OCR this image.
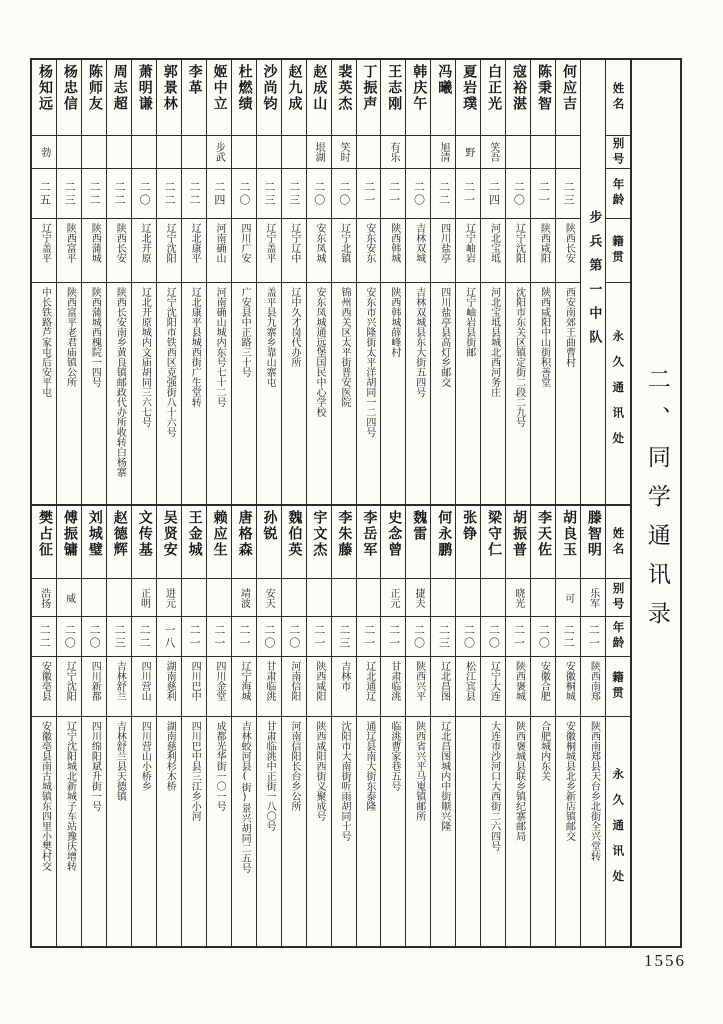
姓名
别号
年龄
籍贯
永久通讯处
步兵第一中队
何应吉
二三
陕西长安
西安南郊王曲曹村
陈秉智
二一
陕西咸阳
陕西咸阳中山街积善堂
寇裕湛
二〇
辽宁沈阳
沈阳市东关区镇定街二段二九号
白正光
笑吾
二四
河北宝坻
河北宝坻县城北西河务庄
夏岩璞
野
二一
辽宁岫岩
辽宁岫岩县街邮
冯曦
旭清
二二
四川盐亭
四川盐亭县高灯乡邮交
韩庆午
二〇
吉林双城
吉林双城县东大街五四号
王志刚
有乐
二一
陕西韩城
陕西韩城薛峰村
丁振声
二一
安东安东
安东市兴隆街太平洋胡同一二四号
裴英杰
笑时
二〇
辽宁北镇
锦州西关区太平街普安医院
赵成山
垠湖
二〇
安东凤城
安东凤城通远堡国民中心学校
赵九成
二三
辽宁辽中
辽中久才岗代办所
沙尚钧
二三
辽宁盖平
盖平县九寨乡靠山寨屯
杜燃绩
二〇
四川广安
广安县中正路三十号
姬中立
步武
二四
河南确山
河南确山城内东号七十二号
李革
二二
辽北康平
辽北康平县城西街广生堂转
郭景林
二二
辽宁沈阳
辽宁沈阳市铁西区克强街八十六号
萧明谦
二〇
辽北开原
辽北开原城内文庙胡同三六七号
周志超
二二
陕西长安
陕西长安南乡黄良镇邮政代办所收转白杨寨
陈师友
二二
陕西蒲城
陕西蒲城西槐院一四号
杨忠信
二三
陕西富平
陕西富平老君庙镇公所
杨知远
勃
二五
辽宁盖平
中长铁路芦家屯后安平屯
姓名
别号
年龄
籍贯
永久通讯处
滕智明
乐军
二一
陕西南郑
陕西南郑县天台乡北街全兴堂转
胡良玉
可
二二
安徽桐城
安徽桐城县北乡新店镇邮交
李天佐
二〇
安徽合肥
合肥城内东关
胡振普
晓光
二一
陕西褒城
陕西褒城县联乡镇纪寨邮局
梁守仁
二〇
辽宁大连
大连市沙河口大西街二六四号
张铮
二〇
松江宾县
何永鹏
二三
辽北昌图
辽北昌图城内中街顺兴隆
魏雷
捷夫
二〇
陕西兴平
陕西省兴平马嵬镇邮所
史念曾
正元
二一
甘肃临洮
临洮曹家巷五号
李岳军
二一
辽北通辽
通辽县南大街东泰隆
李朱藤
二三
吉林市
沈阳市大南街听雨胡同十号
宇文杰
二一
陕西咸阳
陕西咸阳西街义聚成号
魏伯英
二〇
河南信阳
河南信阳长台乡公所
孙锐
安天
二〇
甘肃临洮
甘肃临洮中正街一八〇号
唐格森
靖波
二一
辽宁海城
吉林蛟河县(街)景兴胡同二五号
赖应生
二一
四川金堂
成都光华街一〇一号
王金城
二一
四川巴中
四川巴中县三江乡小河
吴贤安
进元
一八
湖南慈利
湖南慈利杉木桥
文传基
正明
二二
四川营山
四川营山小桥乡
赵德辉
二三
吉林舒兰
吉林舒兰县天德镇
刘城璧
二〇
四川新都
四川绵阳斌升街一号
傅振镛
威
二〇
辽宁沈阳
辽宁沈阳城北新城子车站豫庆增转
樊占征
浩扬
二二
安徽亳县
安徽亳县南古城镇东四里小樊村交
二、同学通讯录
1556
